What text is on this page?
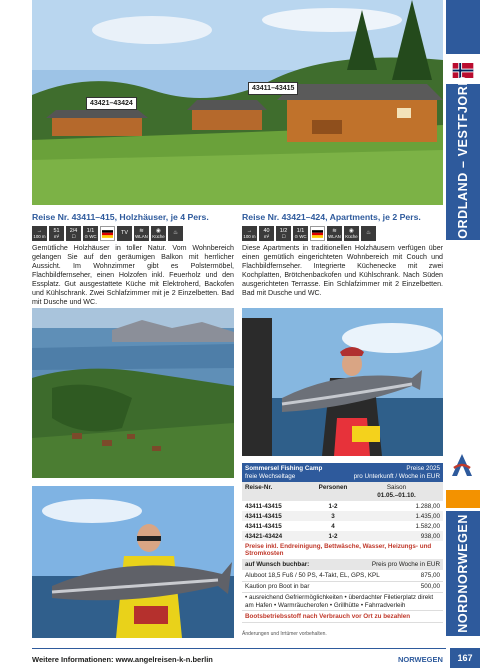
43421–43424
43411–43415	NORDLAND – VESTFJORD
NORDNORWEGEN
Reise Nr. 43411–415, Holzhäuser, je 4 Pers.
→
100 m
51
m²
2/4
☐
1/1
⊙ WC	TV ≋
WLAN
◉
Küche ♨
Gemütliche Holzhäuser in toller Natur. Vom Wohnbereich gelangen Sie auf den geräumigen Balkon mit herrlicher Aussicht. Im Wohnzimmer gibt es Polstermöbel, Flachbildfernseher, einen Holzofen inkl. Feuerholz und den Essplatz. Gut ausgestattete Küche mit Elektroherd, Backofen und Kühlschrank. Zwei Schlafzimmer mit je 2 Einzelbetten. Bad mit Dusche und WC.
Reise Nr. 43421–424, Apartments, je 2 Pers.
→
100 m
40
m²
1/2
☐
1/1
⊙ WC
≋
WLAN
◉
Küche ♨
Diese Apartments in traditionellen Holzhäusern verfügen über einen gemütlich eingerichteten Wohnbereich mit Couch und Flachbildfernseher. Integrierte Küchenecke mit zwei Kochplatten, Brötchenbackofen und Kühlschrank. Nach Süden ausgerichteten Terrasse. Ein Schlafzimmer mit 2 Einzelbetten. Bad mit Dusche und WC.
Sommersel Fishing Camp
freie Wechseltage
Preise 2025
pro Unterkunft / Woche in EUR
Reise-Nr.	Personen	Saison
01.05.–01.10.
43411-43415	1-2	1.288,00
43411-43415	3	1.435,00
43411-43415	4	1.582,00
43421-43424	1-2	938,00
Preise inkl. Endreinigung, Bettwäsche, Wasser, Heizungs- und Stromkosten
auf Wunsch buchbar:	Preis pro Woche in EUR
Aluboot 18,5 Fuß / 50 PS, 4-Takt, EL, GPS, KPL	875,00
Kaution pro Boot in bar	500,00
• ausreichend Gefriermöglichkeiten • überdachter Filetierplatz direkt am Hafen • Warmräucherofen • Grillhütte • Fahrradverleih
Bootsbetriebsstoff nach Verbrauch vor Ort zu bezahlen
Änderungen und Irrtümer vorbehalten.
Weitere Informationen: www.angelreisen-k-n.berlin	NORWEGEN	167
